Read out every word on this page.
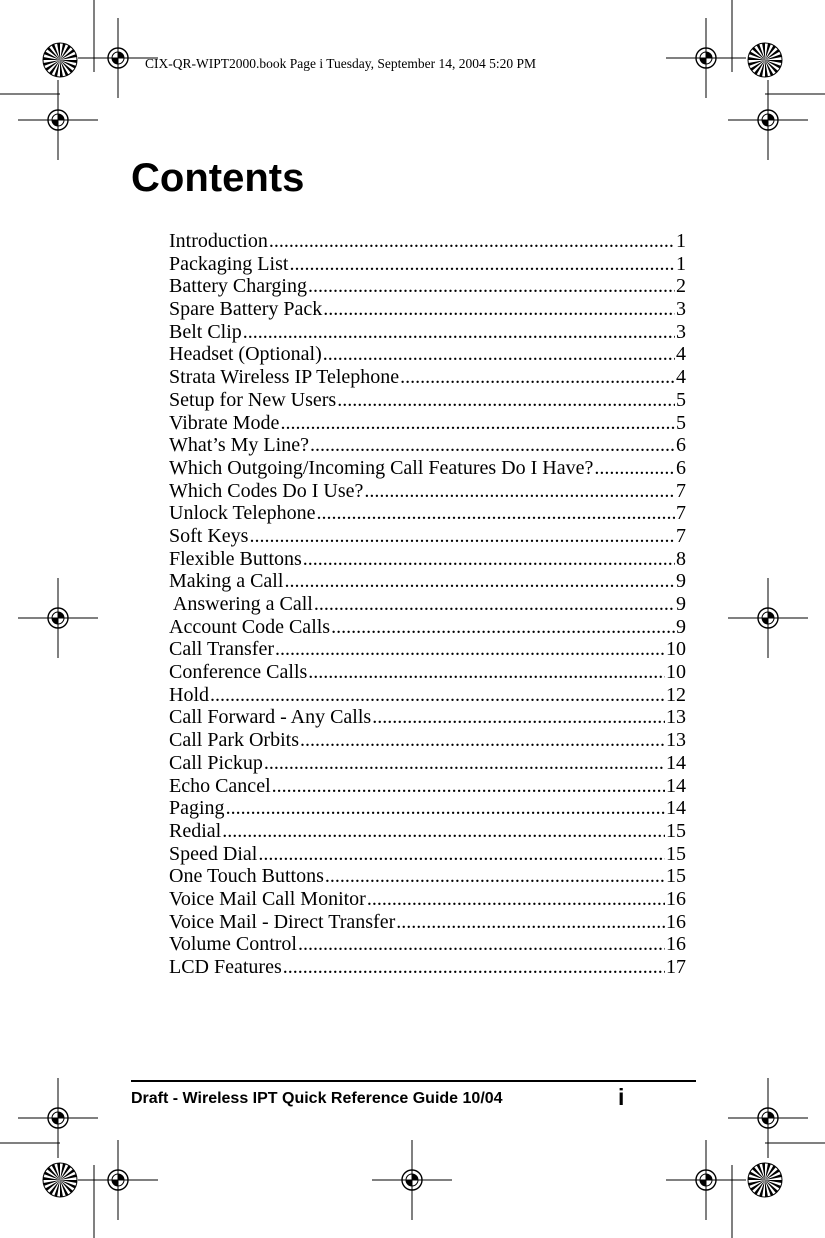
CIX-QR-WIPT2000.book Page i Tuesday, September 14, 2004 5:20 PM
Contents
Introduction .....	1
Packaging List .....	1
Battery Charging .....	2
Spare Battery Pack .....	3
Belt Clip .....	3
Headset (Optional) .....	4
Strata Wireless IP Telephone .....	4
Setup for New Users .....	5
Vibrate Mode .....	5
What’s My Line? .....	6
Which Outgoing/Incoming Call Features Do I Have? .....	6
Which Codes Do I Use? .....	7
Unlock Telephone .....	7
Soft Keys .....	7
Flexible Buttons .....	8
Making a Call .....	9
Answering a Call .....	9
Account Code Calls .....	9
Call Transfer .....	10
Conference Calls .....	10
Hold .....	12
Call Forward - Any Calls .....	13
Call Park Orbits .....	13
Call Pickup .....	14
Echo Cancel .....	14
Paging .....	14
Redial .....	15
Speed Dial .....	15
One Touch Buttons .....	15
Voice Mail Call Monitor .....	16
Voice Mail - Direct Transfer .....	16
Volume Control .....	16
LCD Features .....	17
Draft - Wireless IPT Quick Reference Guide 10/04	i
